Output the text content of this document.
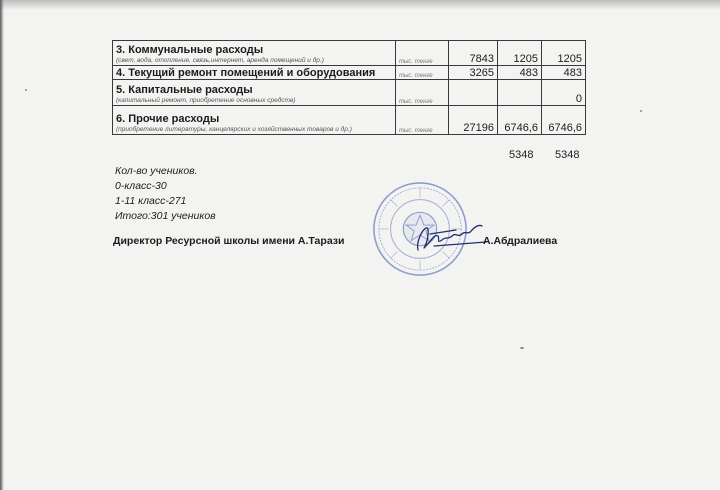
3. Коммунальные расходы
(свет, вода, отопление, связь,интернет, аренда помещений и др.)	тыс. тенге	7843	1205	1205

4. Текущий ремонт помещений и оборудования	тыс. тенге	3265	483	483

5. Капитальные расходы
(капитальный ремонт, приобретение основных средств)	тыс. тенге			0

6. Прочие расходы
(приобретение литературы, канцелярских и хозяйственных товаров и др.)	тыс. тенге	27196	6746,6	6746,6
5348 5348
Кол-во учеников.
0-класс-30
1-11 класс-271
Итого:301 учеников
Директор Ресурсной школы имени А.Тарази	А.Абдралиева
